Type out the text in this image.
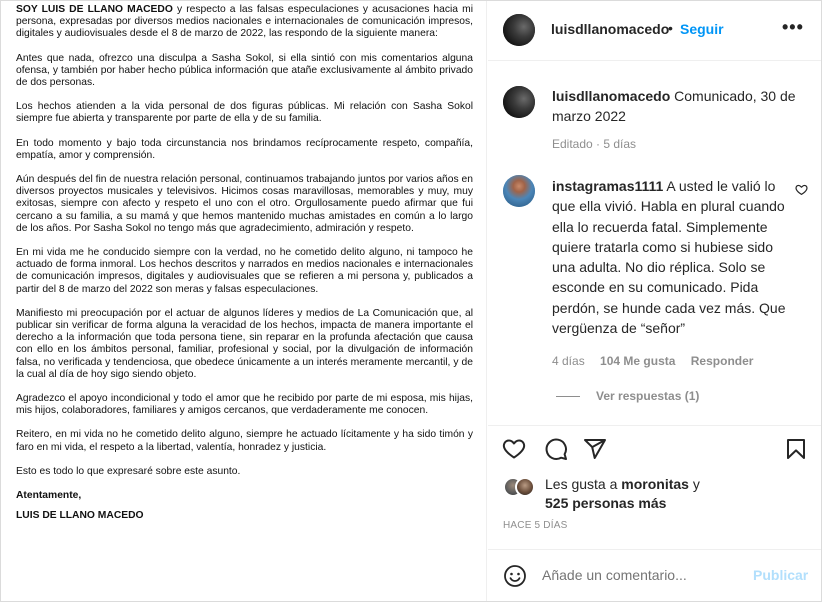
SOY LUIS DE LLANO MACEDO y respecto a las falsas especulaciones y acusaciones hacia mi persona, expresadas por diversos medios nacionales e internacionales de comunicación impresos, digitales y audiovisuales desde el 8 de marzo de 2022, las respondo de la siguiente manera:

Antes que nada, ofrezco una disculpa a Sasha Sokol, si ella sintió con mis comentarios alguna ofensa, y también por haber hecho pública información que atañe exclusivamente al ámbito privado de dos personas.

Los hechos atienden a la vida personal de dos figuras públicas. Mi relación con Sasha Sokol siempre fue abierta y transparente por parte de ella y de su familia.

En todo momento y bajo toda circunstancia nos brindamos recíprocamente respeto, compañía, empatía, amor y comprensión.

Aún después del fin de nuestra relación personal, continuamos trabajando juntos por varios años en diversos proyectos musicales y televisivos. Hicimos cosas maravillosas, memorables y muy, muy exitosas, siempre con afecto y respeto el uno con el otro. Orgullosamente puedo afirmar que fui cercano a su familia, a su mamá y que hemos mantenido muchas amistades en común a lo largo de los años. Por Sasha Sokol no tengo más que agradecimiento, admiración y respeto.

En mi vida me he conducido siempre con la verdad, no he cometido delito alguno, ni tampoco he actuado de forma inmoral. Los hechos descritos y narrados en medios nacionales e internacionales de comunicación impresos, digitales y audiovisuales que se refieren a mi persona y, publicados a partir del 8 de marzo del 2022 son meras y falsas especulaciones.

Manifiesto mi preocupación por el actuar de algunos líderes y medios de La Comunicación que, al publicar sin verificar de forma alguna la veracidad de los hechos, impacta de manera importante el derecho a la información que toda persona tiene, sin reparar en la profunda afectación que causa con ello en los ámbitos personal, familiar, profesional y social, por la divulgación de información falsa, no verificada y tendenciosa, que obedece únicamente a un interés meramente mercantil, y de la cual al día de hoy sigo siendo objeto.

Agradezco el apoyo incondicional y todo el amor que he recibido por parte de mi esposa, mis hijas, mis hijos, colaboradores, familiares y amigos cercanos, que verdaderamente me conocen.

Reitero, en mi vida no he cometido delito alguno, siempre he actuado lícitamente y ha sido timón y faro en mi vida, el respeto a la libertad, valentía, honradez y justicia.

Esto es todo lo que expresaré sobre este asunto.

Atentamente,

LUIS DE LLANO MACEDO

luisdllanomacedo
• Seguir	•••
luisdllanomacedo Comunicado, 30 de marzo 2022
Editado · 5 días
instagramas1111 A usted le valió lo que ella vivió. Habla en plural cuando ella lo recuerda fatal. Simplemente quiere tratarla como si hubiese sido una adulta. No dio réplica. Solo se esconde en su comunicado. Pida perdón, se hunde cada vez más. Que vergüenza de “señor”
4 días 104 Me gusta Responder
Ver respuestas (1)
Les gusta a moronitas y
525 personas más
HACE 5 DÍAS
Añade un comentario...
Publicar
